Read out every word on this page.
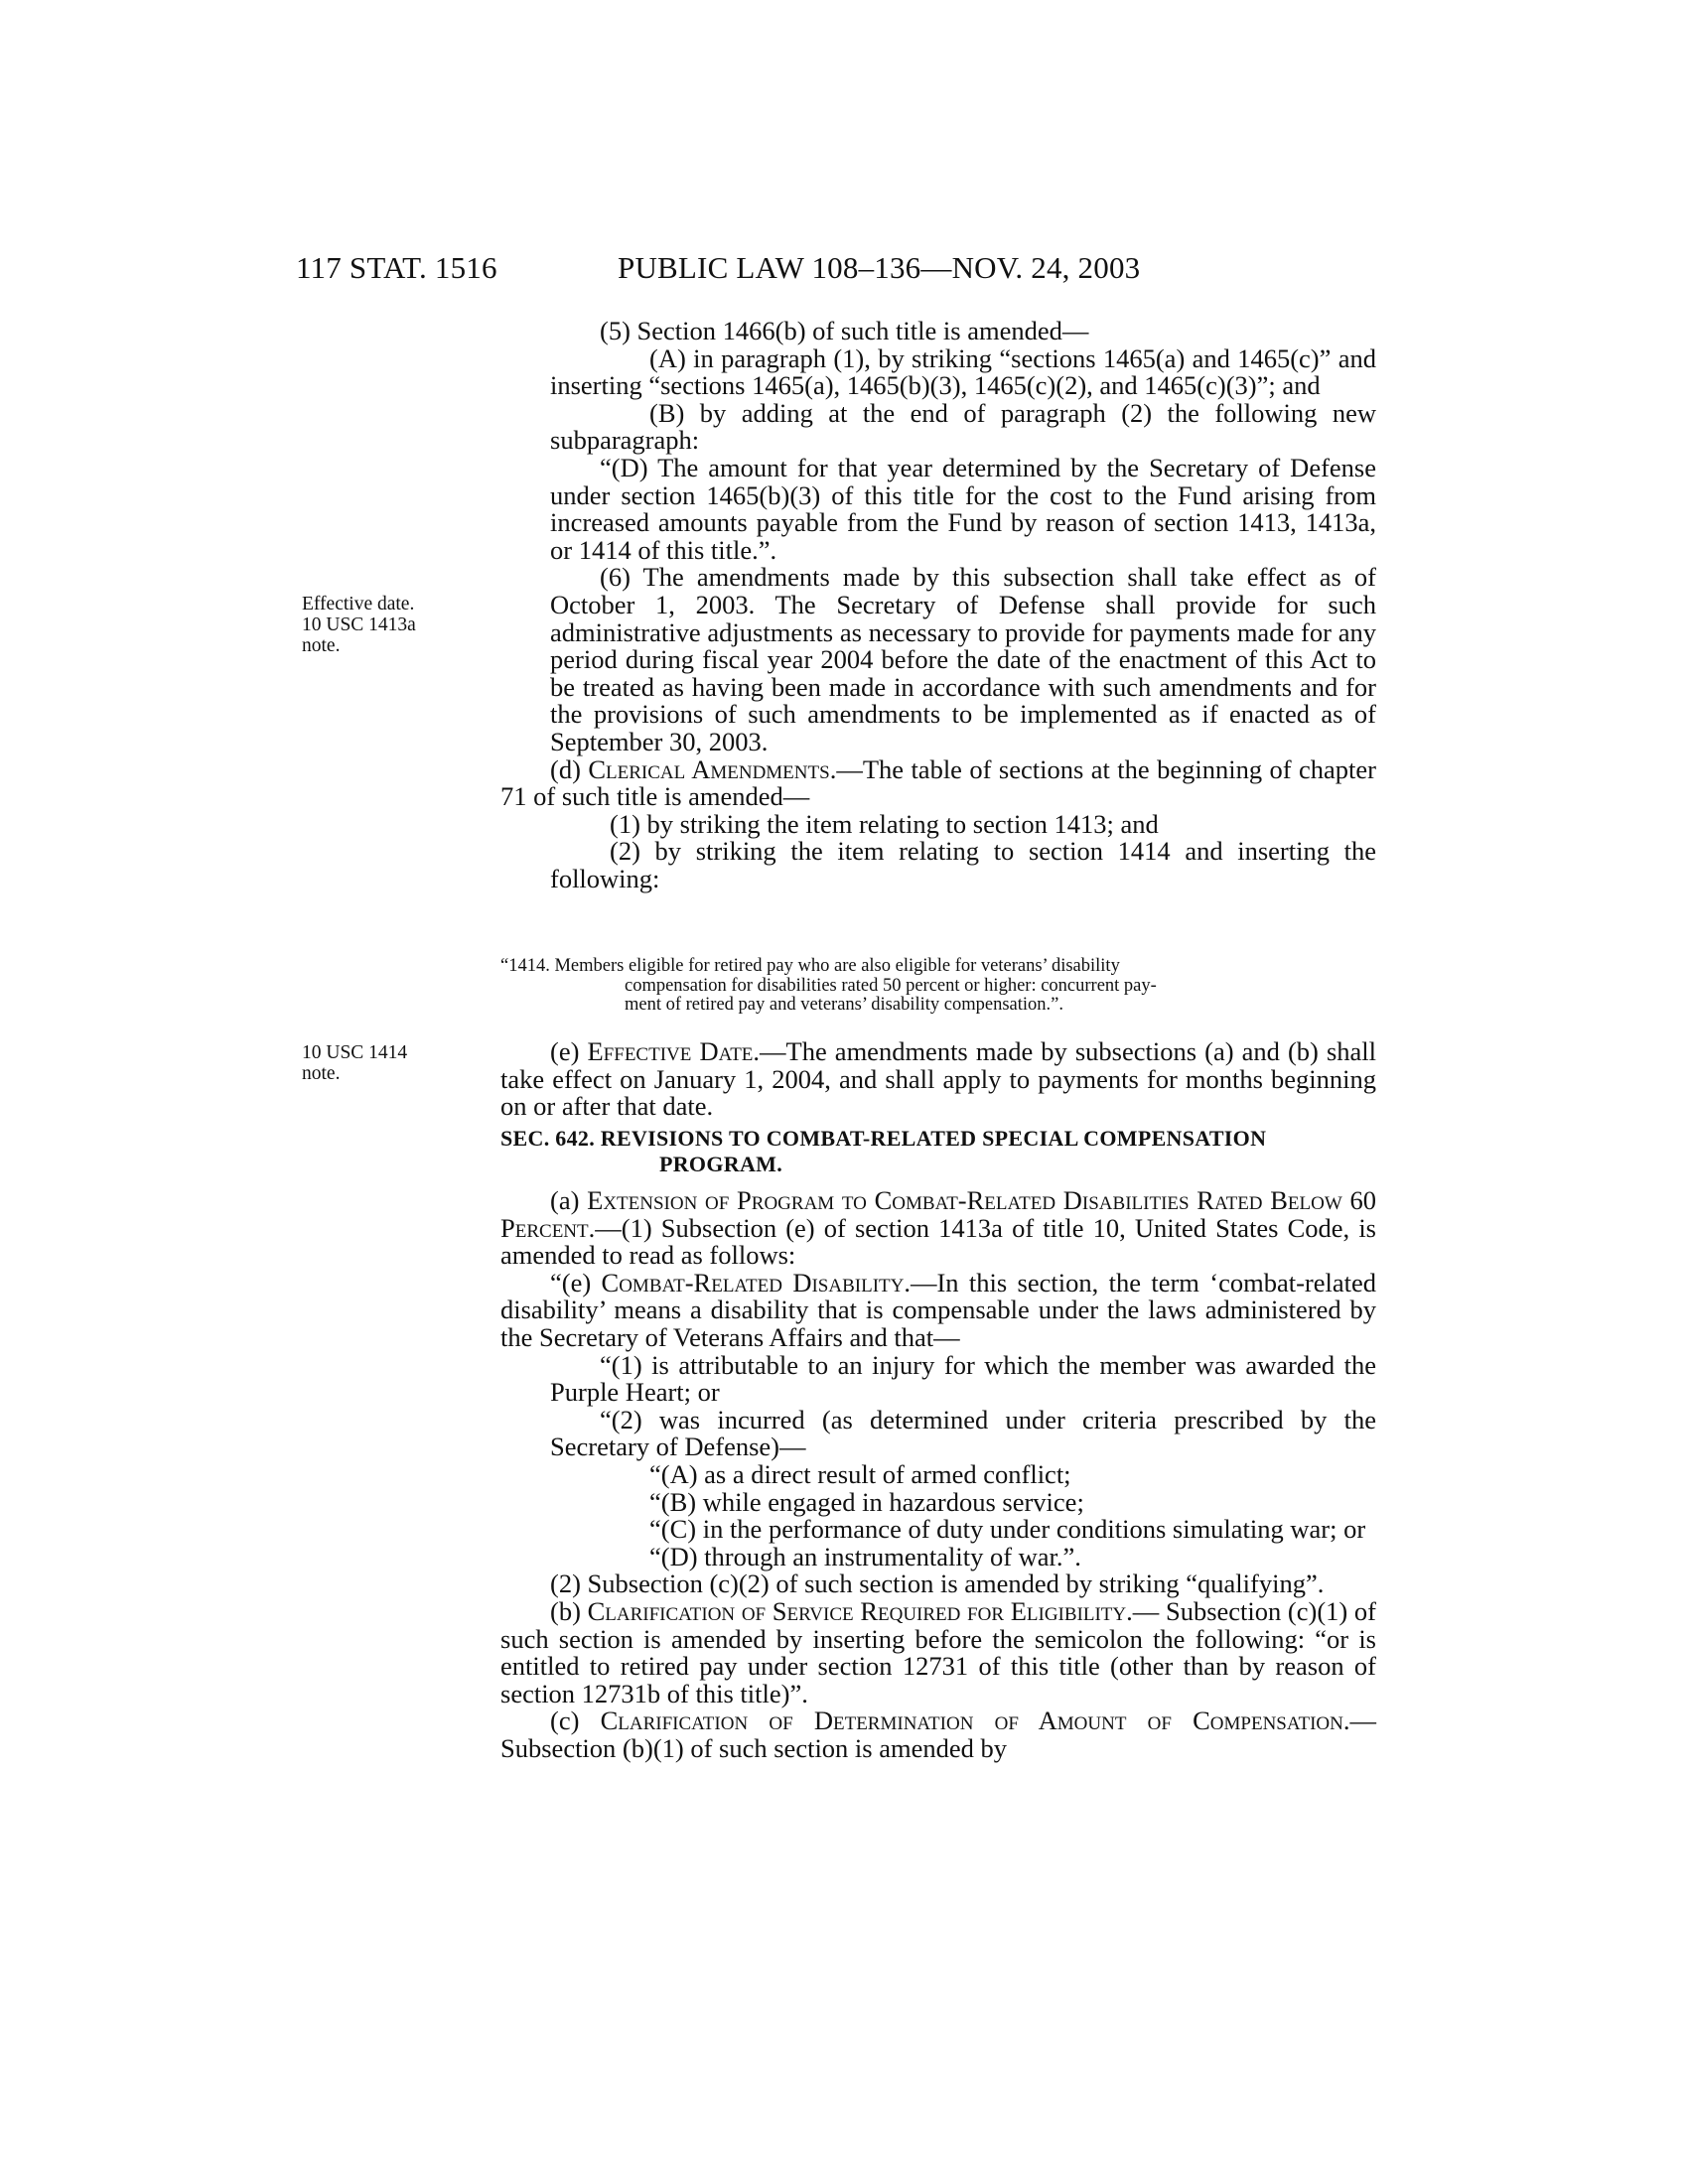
117 STAT. 1516	PUBLIC LAW 108–136—NOV. 24, 2003
Effective date.
10 USC 1413a
note.
10 USC 1414
note.

(5) Section 1466(b) of such title is amended—

(A) in paragraph (1), by striking “sections 1465(a) and 1465(c)” and inserting “sections 1465(a), 1465(b)(3), 1465(c)(2), and 1465(c)(3)”; and

(B) by adding at the end of paragraph (2) the following new subparagraph:

“(D) The amount for that year determined by the Secretary of Defense under section 1465(b)(3) of this title for the cost to the Fund arising from increased amounts payable from the Fund by reason of section 1413, 1413a, or 1414 of this title.”.

(6) The amendments made by this subsection shall take effect as of October 1, 2003. The Secretary of Defense shall provide for such administrative adjustments as necessary to provide for payments made for any period during fiscal year 2004 before the date of the enactment of this Act to be treated as having been made in accordance with such amendments and for the provisions of such amendments to be implemented as if enacted as of September 30, 2003.

(d) Clerical Amendments.—The table of sections at the beginning of chapter 71 of such title is amended—

(1) by striking the item relating to section 1413; and

(2) by striking the item relating to section 1414 and inserting the following:

“1414. Members eligible for retired pay who are also eligible for veterans’ disability
compensation for disabilities rated 50 percent or higher: concurrent pay-
ment of retired pay and veterans’ disability compensation.”.

(e) Effective Date.—The amendments made by subsections (a) and (b) shall take effect on January 1, 2004, and shall apply to payments for months beginning on or after that date.

SEC. 642. REVISIONS TO COMBAT-RELATED SPECIAL COMPENSATION
PROGRAM.

(a) Extension of Program to Combat-Related Disabilities Rated Below 60 Percent.—(1) Subsection (e) of section 1413a of title 10, United States Code, is amended to read as follows:

“(e) Combat-Related Disability.—In this section, the term ‘combat-related disability’ means a disability that is compensable under the laws administered by the Secretary of Veterans Affairs and that—

“(1) is attributable to an injury for which the member was awarded the Purple Heart; or

“(2) was incurred (as determined under criteria prescribed by the Secretary of Defense)—

“(A) as a direct result of armed conflict;

“(B) while engaged in hazardous service;

“(C) in the performance of duty under conditions simulating war; or

“(D) through an instrumentality of war.”.

(2) Subsection (c)(2) of such section is amended by striking “qualifying”.

(b) Clarification of Service Required for Eligibility.— Subsection (c)(1) of such section is amended by inserting before the semicolon the following: “or is entitled to retired pay under section 12731 of this title (other than by reason of section 12731b of this title)”.

(c) Clarification of Determination of Amount of Compensation.—Subsection (b)(1) of such section is amended by
